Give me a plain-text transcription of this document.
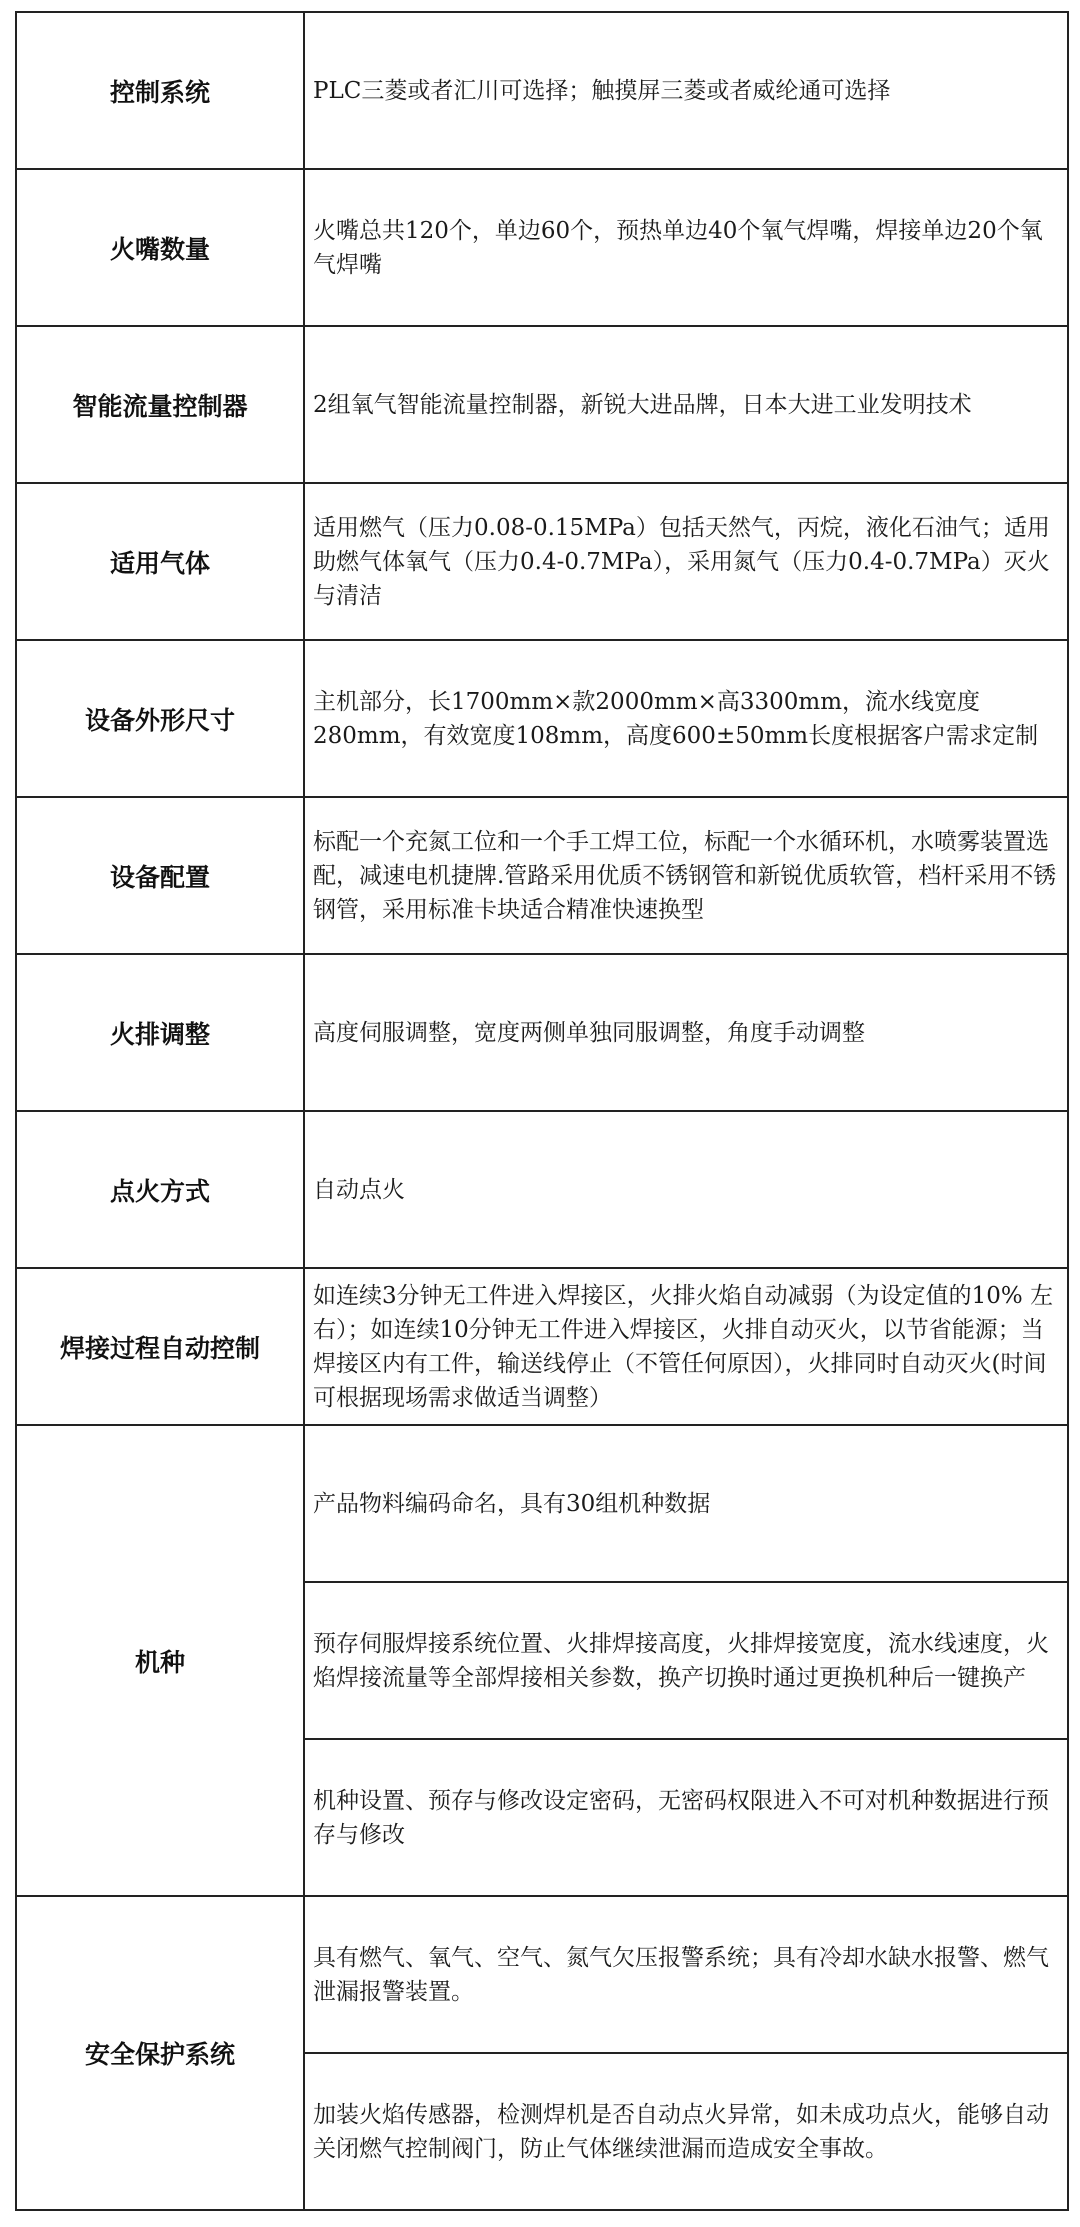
控制系统	PLC三菱或者汇川可选择；触摸屏三菱或者威纶通可选择
火嘴数量	火嘴总共120个，单边60个，预热单边40个氧气焊嘴，焊接单边20个氧气焊嘴
智能流量控制器	2组氧气智能流量控制器，新锐大进品牌，日本大进工业发明技术
适用气体	适用燃气（压力0.08-0.15MPa）包括天然气，丙烷，液化石油气；适用助燃气体氧气（压力0.4-0.7MPa），采用氮气（压力0.4-0.7MPa）灭火与清洁
设备外形尺寸	主机部分，长1700mm×款2000mm×高3300mm，流水线宽度280mm，有效宽度108mm，高度600±50mm长度根据客户需求定制
设备配置	标配一个充氮工位和一个手工焊工位，标配一个水循环机，水喷雾装置选配，减速电机捷牌.管路采用优质不锈钢管和新锐优质软管，档杆采用不锈钢管，采用标准卡块适合精准快速换型
火排调整	高度伺服调整，宽度两侧单独同服调整，角度手动调整
点火方式	自动点火
焊接过程自动控制	如连续3分钟无工件进入焊接区，火排火焰自动减弱（为设定值的10% 左右）；如连续10分钟无工件进入焊接区，火排自动灭火，以节省能源；当焊接区内有工件，输送线停止（不管任何原因），火排同时自动灭火(时间可根据现场需求做适当调整）
机种	产品物料编码命名，具有30组机种数据
	预存伺服焊接系统位置、火排焊接高度，火排焊接宽度，流水线速度，火焰焊接流量等全部焊接相关参数，换产切换时通过更换机种后一键换产
	机种设置、预存与修改设定密码，无密码权限进入不可对机种数据进行预存与修改
安全保护系统	具有燃气、氧气、空气、氮气欠压报警系统；具有冷却水缺水报警、燃气泄漏报警装置。
	加装火焰传感器，检测焊机是否自动点火异常，如未成功点火，能够自动关闭燃气控制阀门，防止气体继续泄漏而造成安全事故。
